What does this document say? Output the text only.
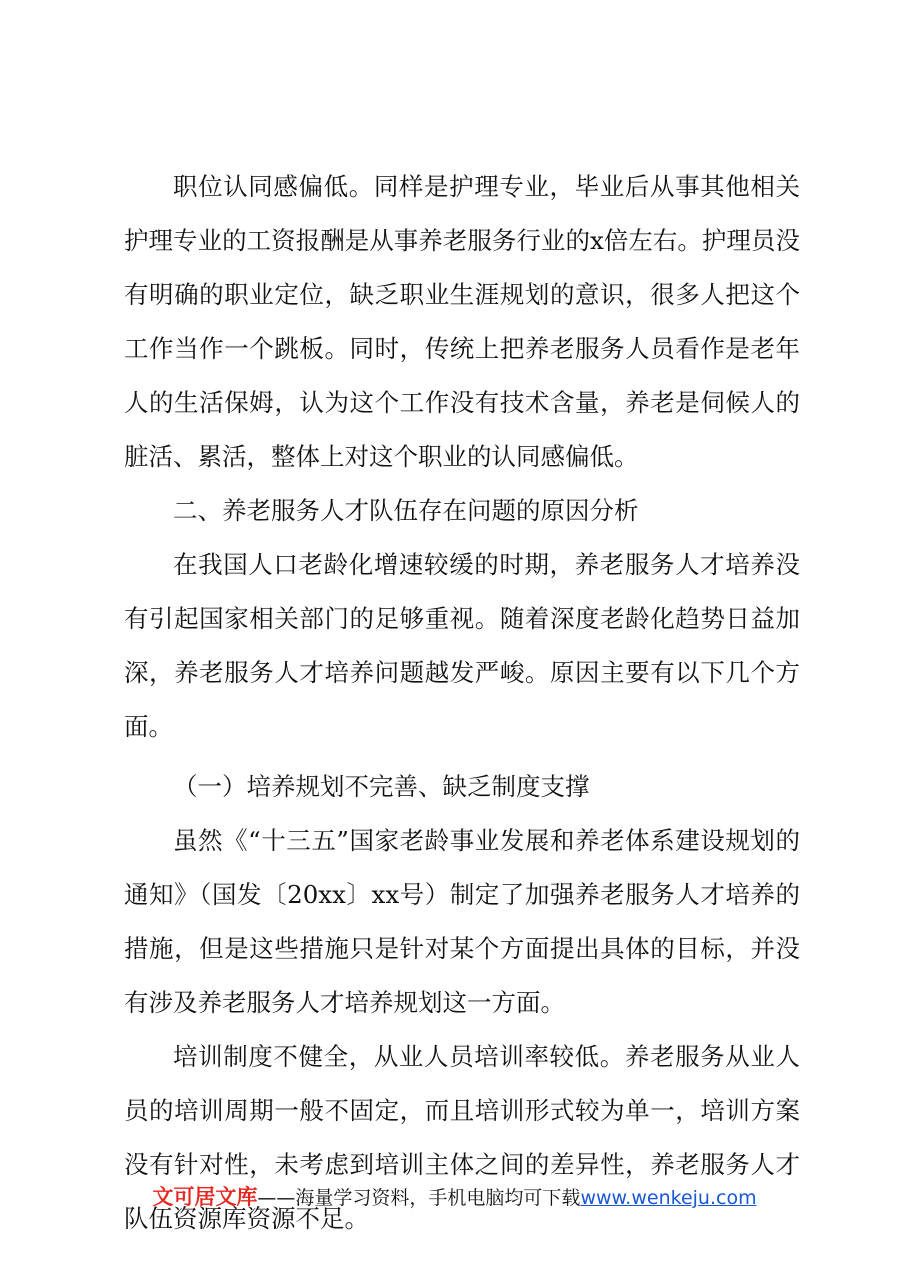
职位认同感偏低。同样是护理专业，毕业后从事其他相关护理专业的工资报酬是从事养老服务行业的x倍左右。护理员没有明确的职业定位，缺乏职业生涯规划的意识，很多人把这个工作当作一个跳板。同时，传统上把养老服务人员看作是老年人的生活保姆，认为这个工作没有技术含量，养老是伺候人的脏活、累活，整体上对这个职业的认同感偏低。

二、养老服务人才队伍存在问题的原因分析

在我国人口老龄化增速较缓的时期，养老服务人才培养没有引起国家相关部门的足够重视。随着深度老龄化趋势日益加深，养老服务人才培养问题越发严峻。原因主要有以下几个方面。

（一）培养规划不完善、缺乏制度支撑

虽然《“十三五”国家老龄事业发展和养老体系建设规划的通知》（国发〔20xx〕xx号）制定了加强养老服务人才培养的措施，但是这些措施只是针对某个方面提出具体的目标，并没有涉及养老服务人才培养规划这一方面。

培训制度不健全，从业人员培训率较低。养老服务从业人员的培训周期一般不固定，而且培训形式较为单一，培训方案没有针对性，未考虑到培训主体之间的差异性，养老服务人才队伍资源库资源不足。

文可居文库——海量学习资料，手机电脑均可下载www.wenkeju.com
